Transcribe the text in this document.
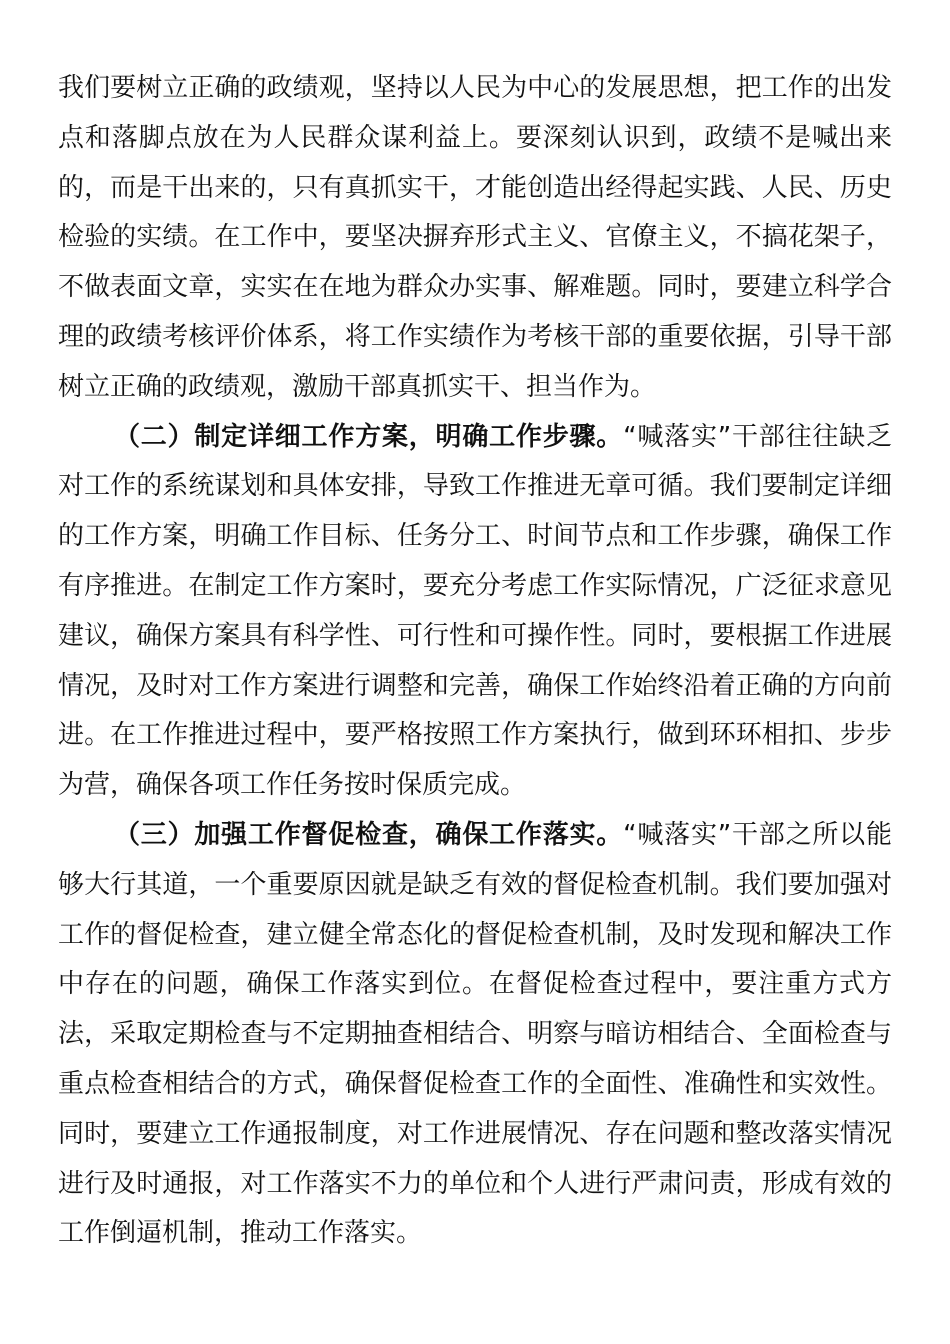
我们要树立正确的政绩观，坚持以人民为中心的发展思想，把工作的出发点和落脚点放在为人民群众谋利益上。要深刻认识到，政绩不是喊出来的，而是干出来的，只有真抓实干，才能创造出经得起实践、人民、历史检验的实绩。在工作中，要坚决摒弃形式主义、官僚主义，不搞花架子，不做表面文章，实实在在地为群众办实事、解难题。同时，要建立科学合理的政绩考核评价体系，将工作实绩作为考核干部的重要依据，引导干部树立正确的政绩观，激励干部真抓实干、担当作为。

（二）制定详细工作方案，明确工作步骤。“喊落实”干部往往缺乏对工作的系统谋划和具体安排，导致工作推进无章可循。我们要制定详细的工作方案，明确工作目标、任务分工、时间节点和工作步骤，确保工作有序推进。在制定工作方案时，要充分考虑工作实际情况，广泛征求意见建议，确保方案具有科学性、可行性和可操作性。同时，要根据工作进展情况，及时对工作方案进行调整和完善，确保工作始终沿着正确的方向前进。在工作推进过程中，要严格按照工作方案执行，做到环环相扣、步步为营，确保各项工作任务按时保质完成。

（三）加强工作督促检查，确保工作落实。“喊落实”干部之所以能够大行其道，一个重要原因就是缺乏有效的督促检查机制。我们要加强对工作的督促检查，建立健全常态化的督促检查机制，及时发现和解决工作中存在的问题，确保工作落实到位。在督促检查过程中，要注重方式方法，采取定期检查与不定期抽查相结合、明察与暗访相结合、全面检查与重点检查相结合的方式，确保督促检查工作的全面性、准确性和实效性。同时，要建立工作通报制度，对工作进展情况、存在问题和整改落实情况进行及时通报，对工作落实不力的单位和个人进行严肃问责，形成有效的工作倒逼机制，推动工作落实。
